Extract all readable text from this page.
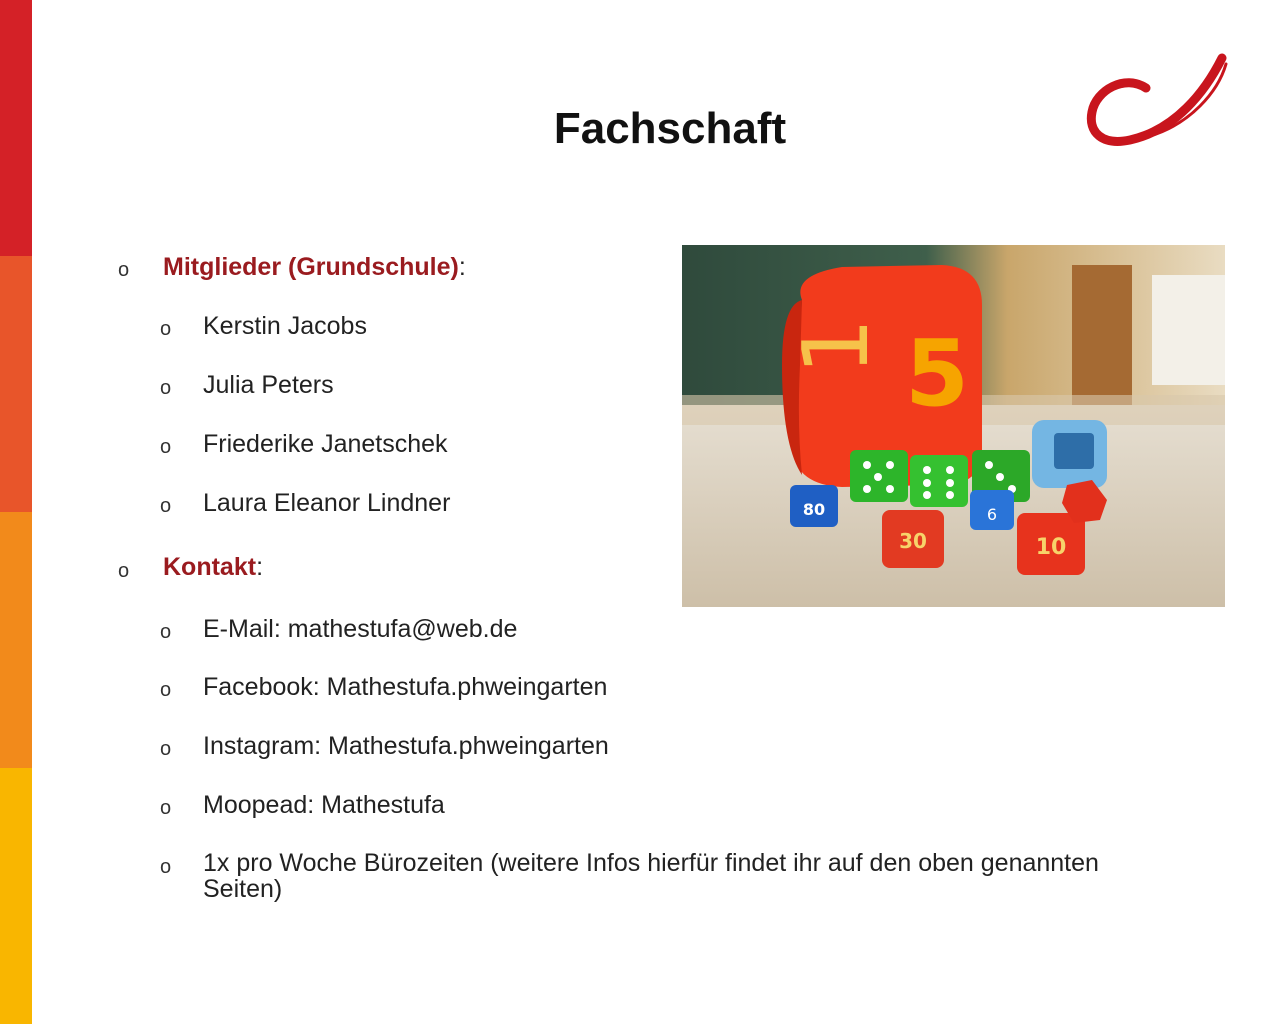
Fachschaft
o Mitglieder (Grundschule):
o Kerstin Jacobs
o Julia Peters
o Friederike Janetschek
o Laura Eleanor Lindner
o Kontakt:
o E-Mail: mathestufa@web.de
o Facebook: Mathestufa.phweingarten
o Instagram: Mathestufa.phweingarten
o Moopead: Mathestufa
o 1x pro Woche Bürozeiten (weitere Infos hierfür findet ihr auf den oben genannten
Seiten)
1 5
80	6
30	10
